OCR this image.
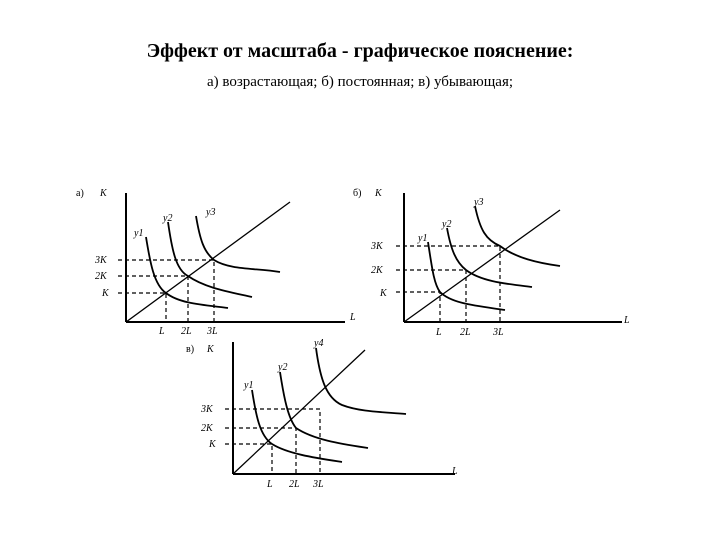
Эффект от масштаба - графическое пояснение:
а) возрастающая; б) постоянная; в) убывающая;
а) K
L
y1
y2
y3
3K
2K
K
L 2L 3L
б) K
L
y1
y2
y3
3K
2K
K
L 2L 3L
в) K
L
y1
y2
y4
3K
2K
K
L 2L 3L
